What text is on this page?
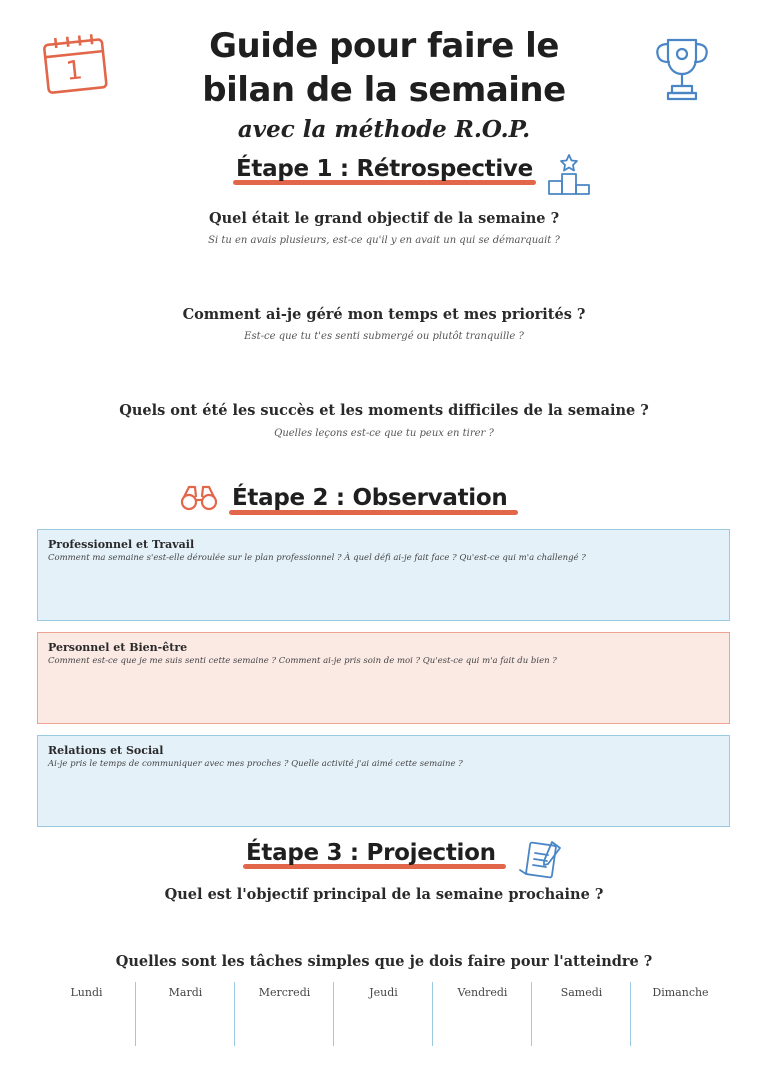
1
Guide pour faire le
bilan de la semaine
avec la méthode R.O.P.
Étape 1 : Rétrospective
Quel était le grand objectif de la semaine ?
Si tu en avais plusieurs, est-ce qu'il y en avait un qui se démarquait ?
Comment ai-je géré mon temps et mes priorités ?
Est-ce que tu t'es senti submergé ou plutôt tranquille ?
Quels ont été les succès et les moments difficiles de la semaine ?
Quelles leçons est-ce que tu peux en tirer ?
Étape 2 : Observation
Professionnel et Travail
Comment ma semaine s'est-elle déroulée sur le plan professionnel ? À quel défi ai-je fait face ? Qu'est-ce qui m'a challengé ?
Personnel et Bien-être
Comment est-ce que je me suis senti cette semaine ? Comment ai-je pris soin de moi ? Qu'est-ce qui m'a fait du bien ?
Relations et Social
Ai-je pris le temps de communiquer avec mes proches ? Quelle activité j'ai aimé cette semaine ?
Étape 3 : Projection
Quel est l'objectif principal de la semaine prochaine ?
Quelles sont les tâches simples que je dois faire pour l'atteindre ?
Lundi	Mardi	Mercredi	Jeudi	Vendredi	Samedi	Dimanche
